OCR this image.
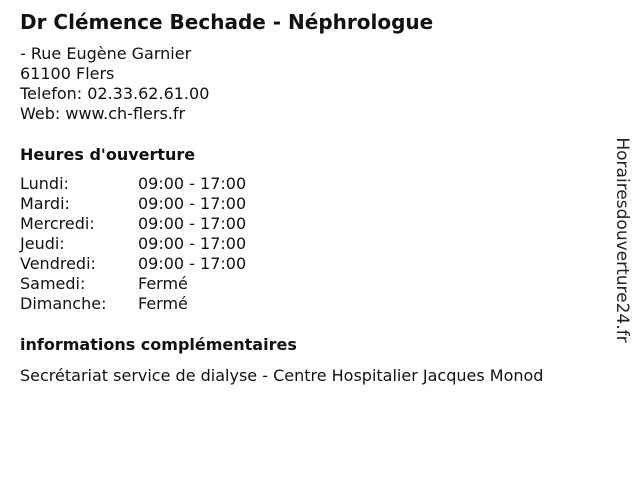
Dr Clémence Bechade - Néphrologue
- Rue Eugène Garnier
61100 Flers
Telefon: 02.33.62.61.00
Web: www.ch-flers.fr
Heures d'ouverture
Lundi:	09:00 - 17:00
Mardi:	09:00 - 17:00
Mercredi:	09:00 - 17:00
Jeudi:	09:00 - 17:00
Vendredi:	09:00 - 17:00
Samedi:	Fermé
Dimanche:	Fermé
informations complémentaires
Secrétariat service de dialyse - Centre Hospitalier Jacques Monod
Horairesdouverture24.fr
